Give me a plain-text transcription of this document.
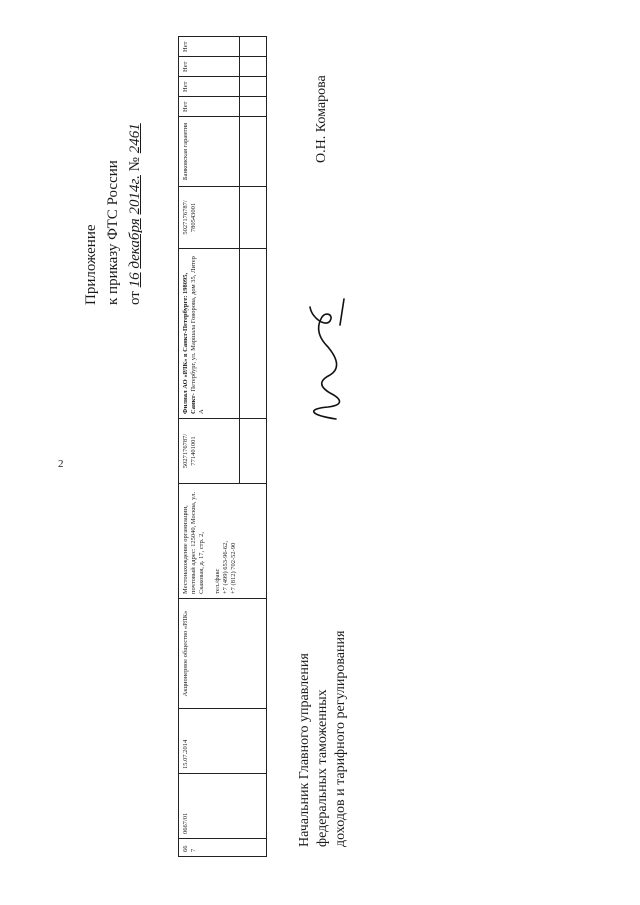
2
Приложение к приказу ФТС России от 16 декабря 2014г. № 2461
667	0667/01	15.07.2014	Акционерное общество «РЛК»	Местонахождение организации, почтовый адрес: 125040, Москва, ул. Скаковая, д. 17, стр. 2, тел./факс +7 (499) 653-96-62, +7 (812) 702-52-90	5027176787/ 771401001	Филиал АО «РЛК» в Санкт-Петербурге: 198095, Санкт- Петербург, ул. Маршала Говорова, дом 35, Литер А	5027176787/ 780543001	Банковская гарантия	Нет	Нет	Нет	Нет

Начальник Главного управления федеральных таможенных доходов и тарифного регулирования
О.Н. Комарова
